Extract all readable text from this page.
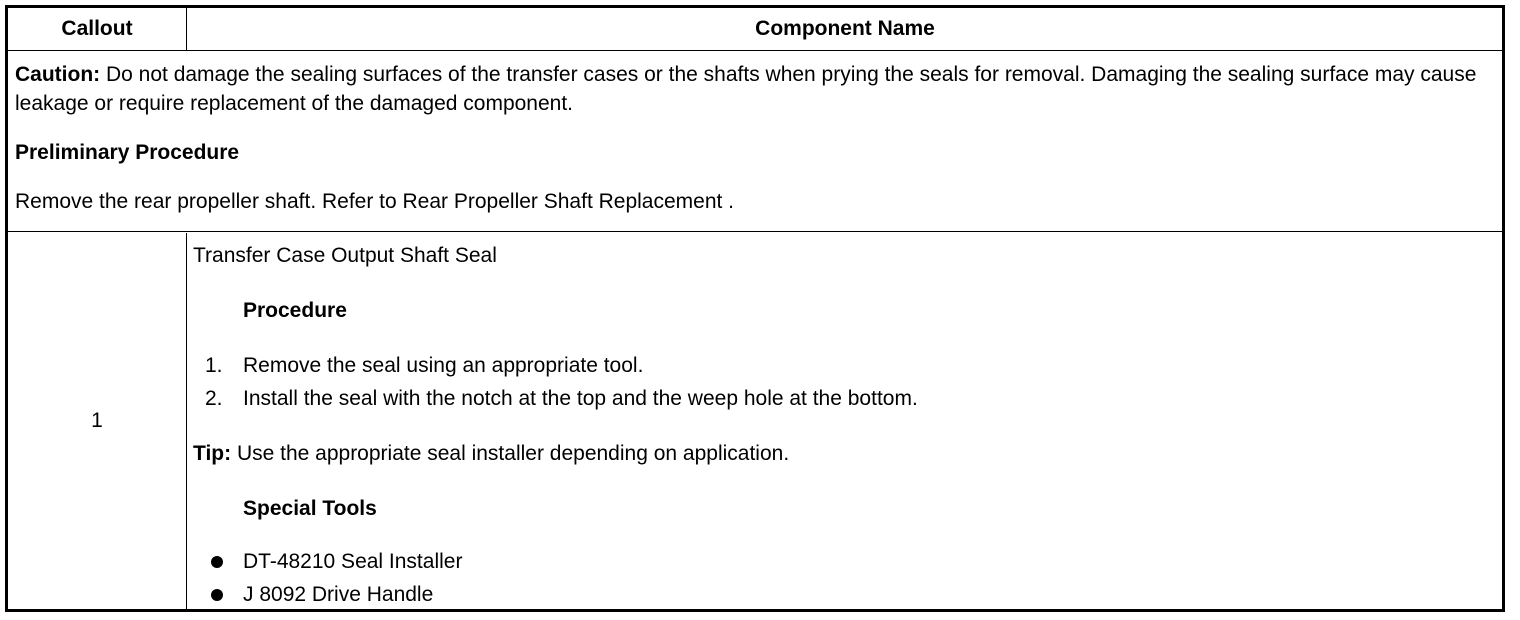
Callout	Component Name

Caution: Do not damage the sealing surfaces of the transfer cases or the shafts when prying the seals for removal. Damaging the sealing surface may cause leakage or require replacement of the damaged component.

Preliminary Procedure

Remove the rear propeller shaft. Refer to Rear Propeller Shaft Replacement .

1

Transfer Case Output Shaft Seal

Procedure

1. Remove the seal using an appropriate tool.
2. Install the seal with the notch at the top and the weep hole at the bottom.

Tip: Use the appropriate seal installer depending on application.

Special Tools

DT-48210 Seal Installer
J 8092 Drive Handle
